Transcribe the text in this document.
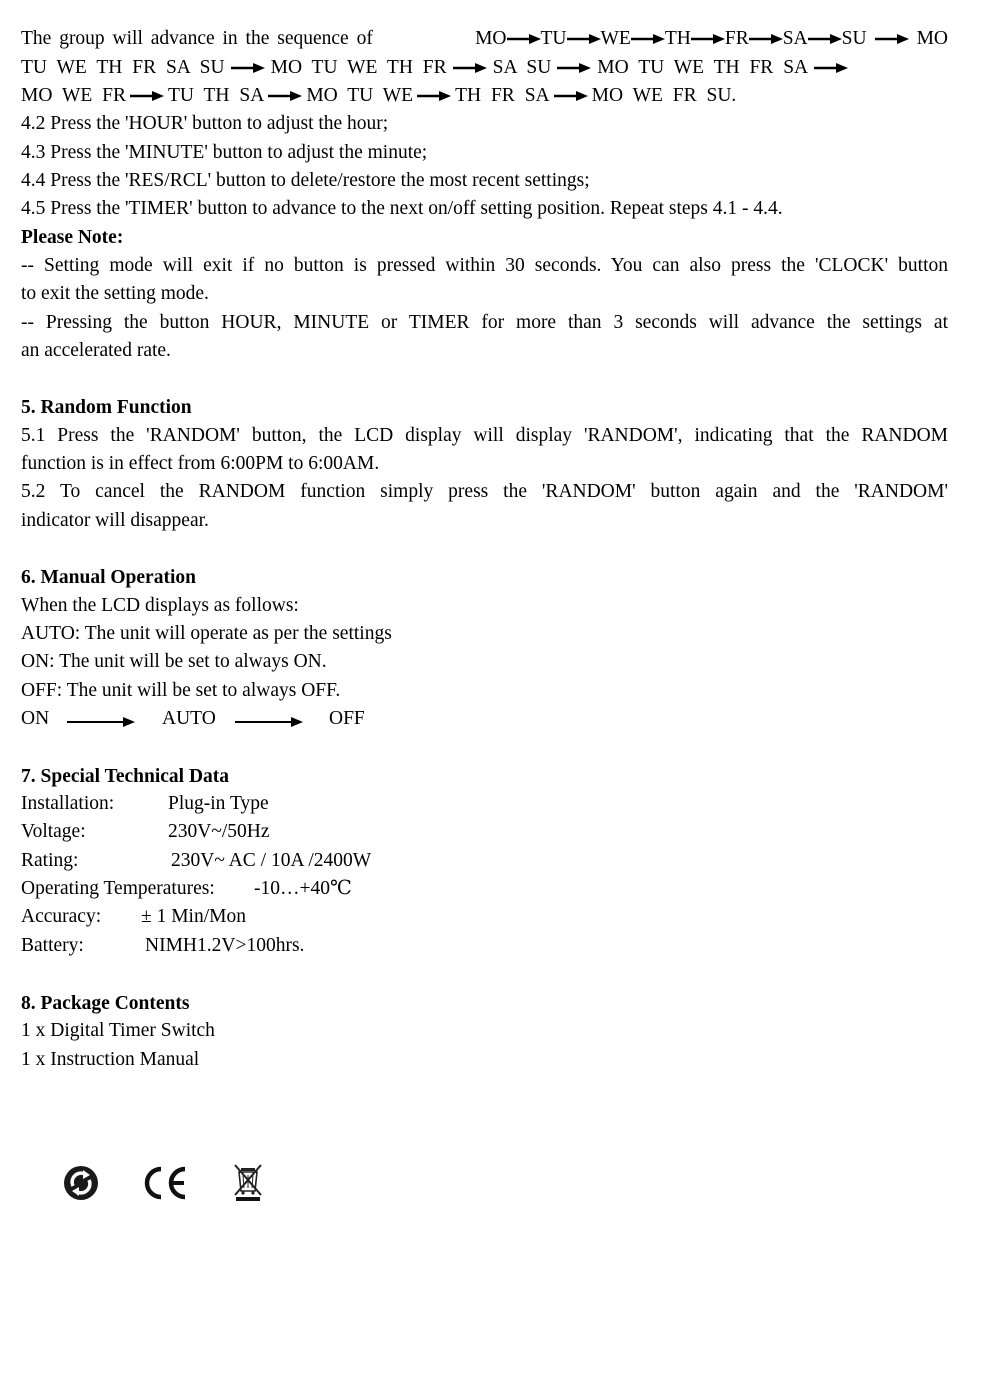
The group will advance in the sequence of	MO TU WE TH FR SA SU	MO
TU WE TH FR SA SU MO TU WE TH FR SA SU MO TU WE TH FR SA
MO WE FR TU TH SA MO TU WE TH FR SA MO WE FR SU.
4.2 Press the 'HOUR' button to adjust the hour;
4.3 Press the 'MINUTE' button to adjust the minute;
4.4 Press the 'RES/RCL' button to delete/restore the most recent settings;
4.5 Press the 'TIMER' button to advance to the next on/off setting position. Repeat steps 4.1 - 4.4.
Please Note:
-- Setting mode will exit if no button is pressed within 30 seconds. You can also press the 'CLOCK' button
to exit the setting mode.
-- Pressing the button HOUR, MINUTE or TIMER for more than 3 seconds will advance the settings at
an accelerated rate.
5. Random Function
5.1 Press the 'RANDOM' button, the LCD display will display 'RANDOM', indicating that the RANDOM
function is in effect from 6:00PM to 6:00AM.
5.2 To cancel the RANDOM function simply press the 'RANDOM' button again and the 'RANDOM'
indicator will disappear.
6. Manual Operation
When the LCD displays as follows:
AUTO: The unit will operate as per the settings
ON: The unit will be set to always ON.
OFF: The unit will be set to always OFF.
ON	AUTO	OFF
7. Special Technical Data
Installation:	Plug-in Type
Voltage:	230V~/50Hz
Rating:	230V~ AC / 10A /2400W
Operating Temperatures: -10…+40℃
Accuracy: ± 1 Min/Mon
Battery:	NIMH1.2V>100hrs.
8. Package Contents
1 x Digital Timer Switch
1 x Instruction Manual
